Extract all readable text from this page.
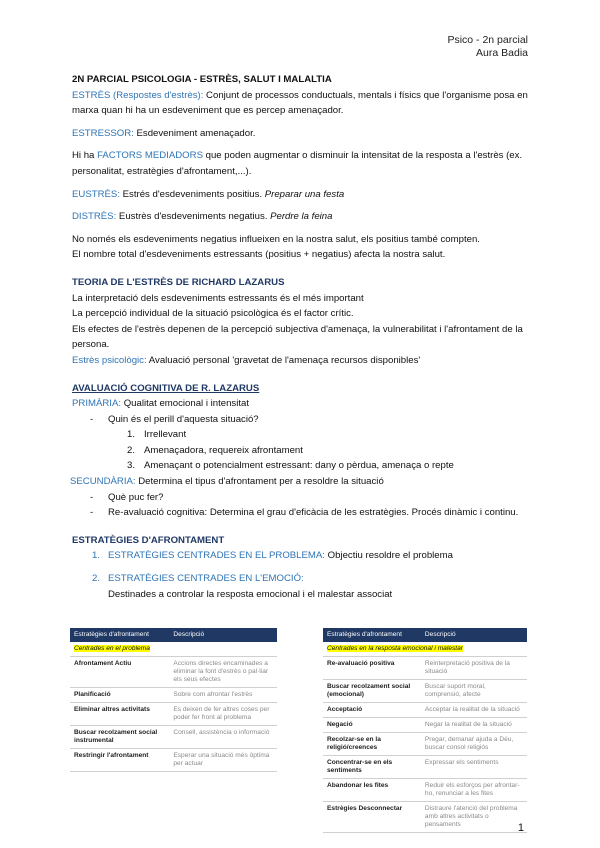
Psico - 2n parcial
Aura Badia

2N PARCIAL PSICOLOGIA - ESTRÈS, SALUT I MALALTIA

ESTRÈS (Respostes d'estrès): Conjunt de processos conductuals, mentals i físics que l'organisme posa en marxa quan hi ha un esdeveniment que es percep amenaçador.

ESTRESSOR: Esdeveniment amenaçador.

Hi ha FACTORS MEDIADORS que poden augmentar o disminuir la intensitat de la resposta a l'estrès (ex. personalitat, estratègies d'afrontament,...).

EUSTRÈS: Estrés d'esdeveniments positius. Preparar una festa

DISTRÈS: Eustrès d'esdeveniments negatius. Perdre la feina

No només els esdeveniments negatius influeixen en la nostra salut, els positius també compten.

El nombre total d'esdeveniments estressants (positius + negatius) afecta la nostra salut.

TEORIA DE L'ESTRÈS DE RICHARD LAZARUS

La interpretació dels esdeveniments estressants és el més important

La percepció individual de la situació psicològica és el factor crític.

Els efectes de l'estrès depenen de la percepció subjectiva d'amenaça, la vulnerabilitat i l'afrontament de la persona.

Estrès psicològic: Avaluació personal 'gravetat de l'amenaça recursos disponibles'

AVALUACIÓ COGNITIVA DE R. LAZARUS

PRIMÀRIA: Qualitat emocional i intensitat

- Quin és el perill d'aquesta situació?

1. Irrellevant

2. Amenaçadora, requereix afrontament

3. Amenaçant o potencialment estressant: dany o pèrdua, amenaça o repte

SECUNDÀRIA: Determina el tipus d'afrontament per a resoldre la situació

- Què puc fer?

- Re-avaluació cognitiva: Determina el grau d'eficàcia de les estratègies. Procés dinàmic i continu.

ESTRATÈGIES D'AFRONTAMENT

1. ESTRATÈGIES CENTRADES EN EL PROBLEMA: Objectiu resoldre el problema

2. ESTRATÈGIES CENTRADES EN L'EMOCIÓ:

Destinades a controlar la resposta emocional i el malestar associat

Estratègies d'afrontament	Descripció
Centrades en el problema	
Afrontament Actiu	Accions directes encaminades a eliminar la font d'estrès o pal·liar els seus efectes
Planificació	Sobre com afrontar l'estrès
Eliminar altres activitats	Es deixen de fer altres coses per poder fer front al problema
Buscar recolzament social instrumental	Consell, assistència o informació
Restringir l'afrontament	Esperar una situació més òptima per actuar
Estratègies d'afrontament	Descripció
Centrades en la resposta emocional i malestar	
Re-avaluació positiva	Reinterpretació positiva de la situació
Buscar recolzament social (emocional)	Buscar suport moral, comprensió, afecte
Acceptació	Acceptar la realitat de la situació
Negació	Negar la realitat de la situació
Recolzar-se en la religió/creences	Pregar, demanar ajuda a Déu, buscar consol religiós
Concentrar-se en els sentiments	Expressar els sentiments
Abandonar les fites	Reduir els esforços per afrontar-ho, renunciar a les fites
Estrègies Desconnectar	Distraure l'atenció del problema amb altres activitats o pensaments	1
